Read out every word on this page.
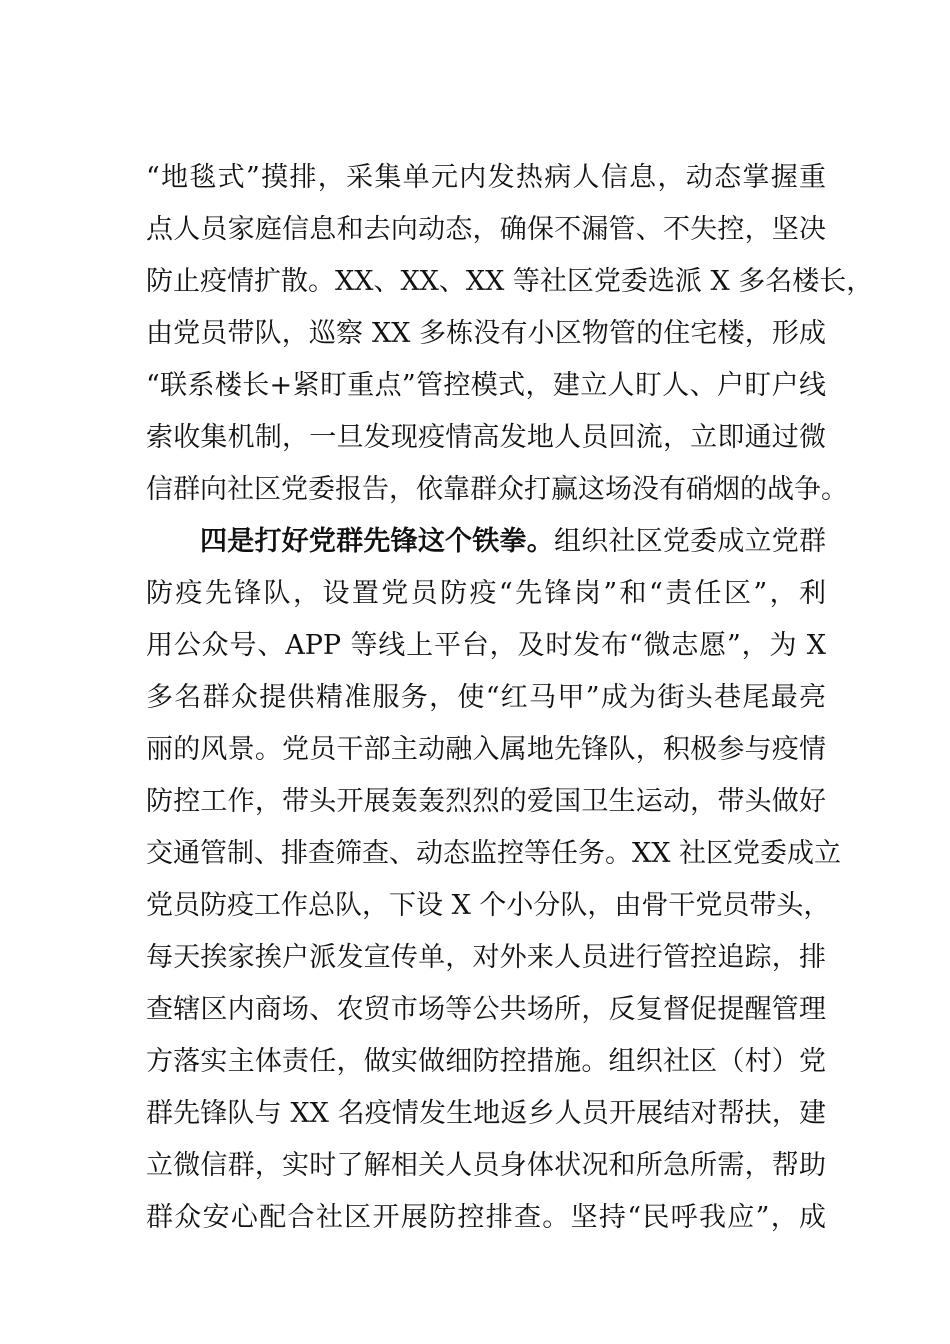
“地毯式”摸排，采集单元内发热病人信息，动态掌握重
点人员家庭信息和去向动态，确保不漏管、不失控，坚决
防止疫情扩散。XX、XX、XX 等社区党委选派 X 多名楼长，
由党员带队，巡察 XX 多栋没有小区物管的住宅楼，形成
“联系楼长+紧盯重点”管控模式，建立人盯人、户盯户线
索收集机制，一旦发现疫情高发地人员回流，立即通过微
信群向社区党委报告，依靠群众打赢这场没有硝烟的战争。
四是打好党群先锋这个铁拳。组织社区党委成立党群
防疫先锋队，设置党员防疫“先锋岗”和“责任区”，利
用公众号、APP 等线上平台，及时发布“微志愿”，为 X
多名群众提供精准服务，使“红马甲”成为街头巷尾最亮
丽的风景。党员干部主动融入属地先锋队，积极参与疫情
防控工作，带头开展轰轰烈烈的爱国卫生运动，带头做好
交通管制、排查筛查、动态监控等任务。XX 社区党委成立
党员防疫工作总队，下设 X 个小分队，由骨干党员带头，
每天挨家挨户派发宣传单，对外来人员进行管控追踪，排
查辖区内商场、农贸市场等公共场所，反复督促提醒管理
方落实主体责任，做实做细防控措施。组织社区（村）党
群先锋队与 XX 名疫情发生地返乡人员开展结对帮扶，建
立微信群，实时了解相关人员身体状况和所急所需，帮助
群众安心配合社区开展防控排查。坚持“民呼我应”，成
